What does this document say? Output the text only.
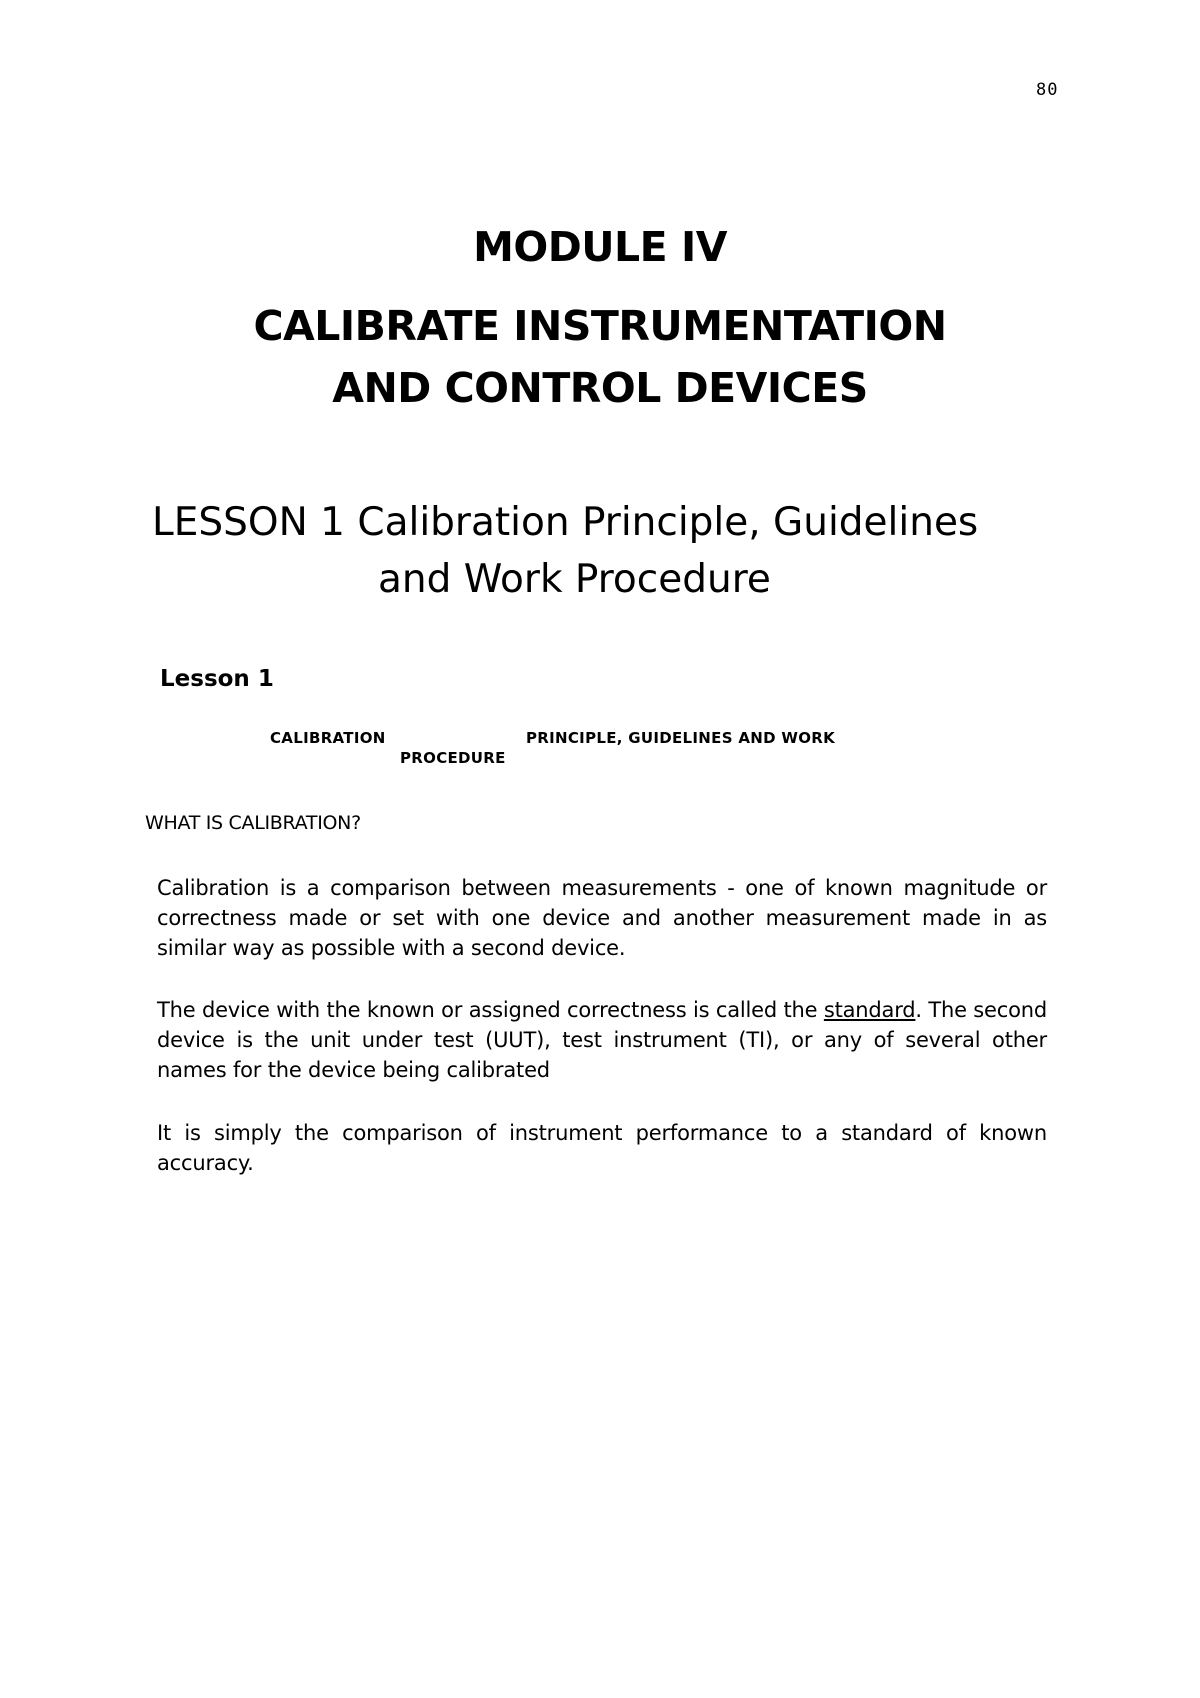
80
MODULE IV
CALIBRATE INSTRUMENTATION
AND CONTROL DEVICES
LESSON 1 Calibration Principle, Guidelines
and Work Procedure
Lesson 1
CALIBRATION	PRINCIPLE, GUIDELINES AND WORK
PROCEDURE
WHAT IS CALIBRATION?
Calibration is a comparison between measurements - one of known magnitude or correctness made or set with one device and another measurement made in as similar way as possible with a second device.
The device with the known or assigned correctness is called the standard. The second device is the unit under test (UUT), test instrument (TI), or any of several other names for the device being calibrated
It is simply the comparison of instrument performance to a standard of known accuracy.
